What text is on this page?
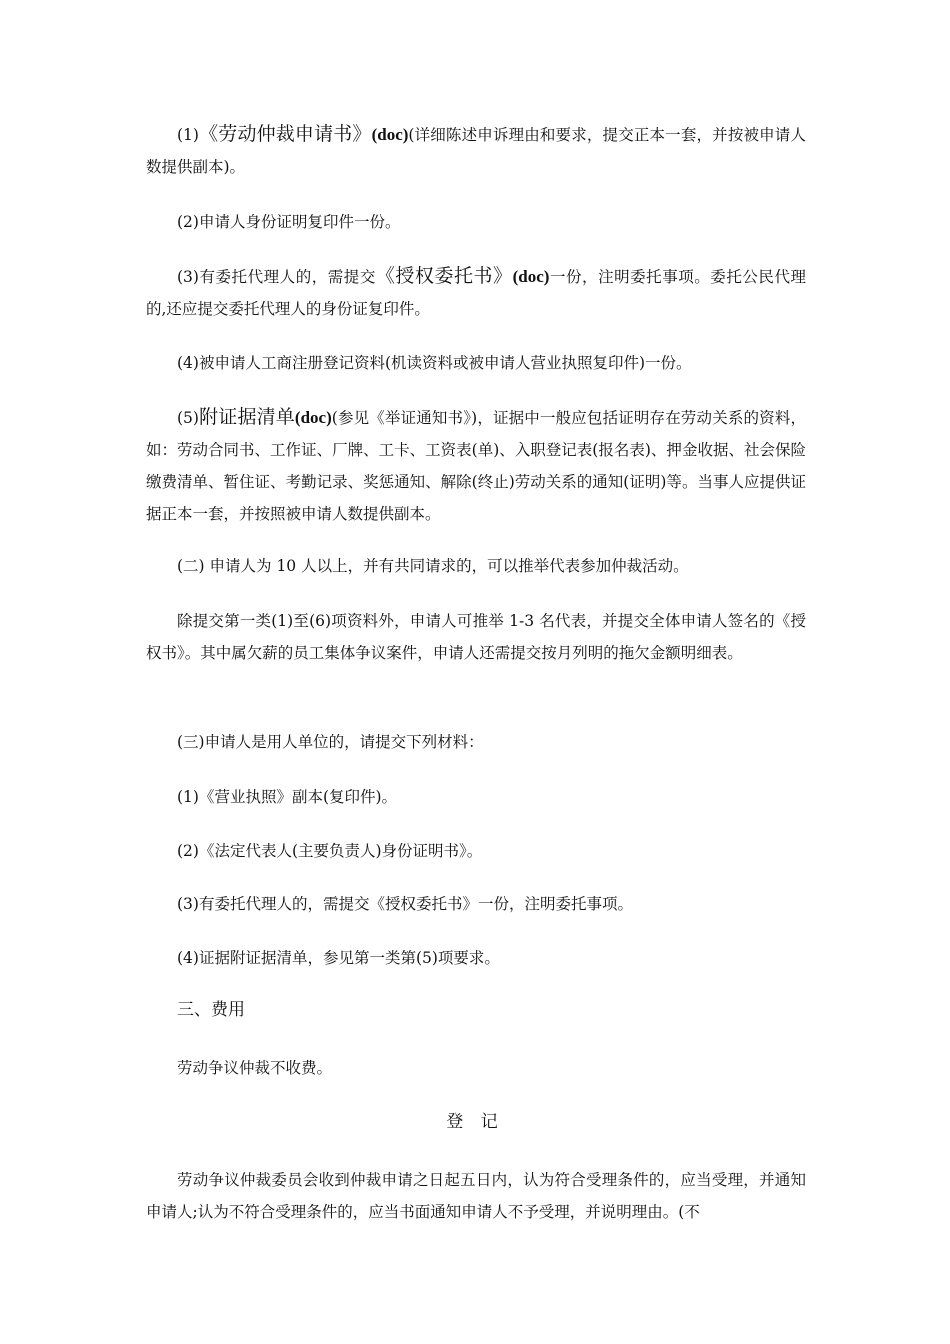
(1)《劳动仲裁申请书》(doc)(详细陈述申诉理由和要求，提交正本一套，并按被申请人数提供副本)。

(2)申请人身份证明复印件一份。

(3)有委托代理人的，需提交《授权委托书》(doc)一份，注明委托事项。委托公民代理的,还应提交委托代理人的身份证复印件。

(4)被申请人工商注册登记资料(机读资料或被申请人营业执照复印件)一份。

(5)附证据清单(doc)(参见《举证通知书》)，证据中一般应包括证明存在劳动关系的资料，如：劳动合同书、工作证、厂牌、工卡、工资表(单)、入职登记表(报名表)、押金收据、社会保险缴费清单、暂住证、考勤记录、奖惩通知、解除(终止)劳动关系的通知(证明)等。当事人应提供证据正本一套，并按照被申请人数提供副本。

(二) 申请人为 10 人以上，并有共同请求的，可以推举代表参加仲裁活动。

除提交第一类(1)至(6)项资料外，申请人可推举 1-3 名代表，并提交全体申请人签名的《授权书》。其中属欠薪的员工集体争议案件，申请人还需提交按月列明的拖欠金额明细表。

(三)申请人是用人单位的，请提交下列材料：

(1)《营业执照》副本(复印件)。

(2)《法定代表人(主要负责人)身份证明书》。

(3)有委托代理人的，需提交《授权委托书》一份，注明委托事项。

(4)证据附证据清单，参见第一类第(5)项要求。

三、费用

劳动争议仲裁不收费。

登 记

劳动争议仲裁委员会收到仲裁申请之日起五日内，认为符合受理条件的，应当受理，并通知申请人;认为不符合受理条件的，应当书面通知申请人不予受理，并说明理由。(不
